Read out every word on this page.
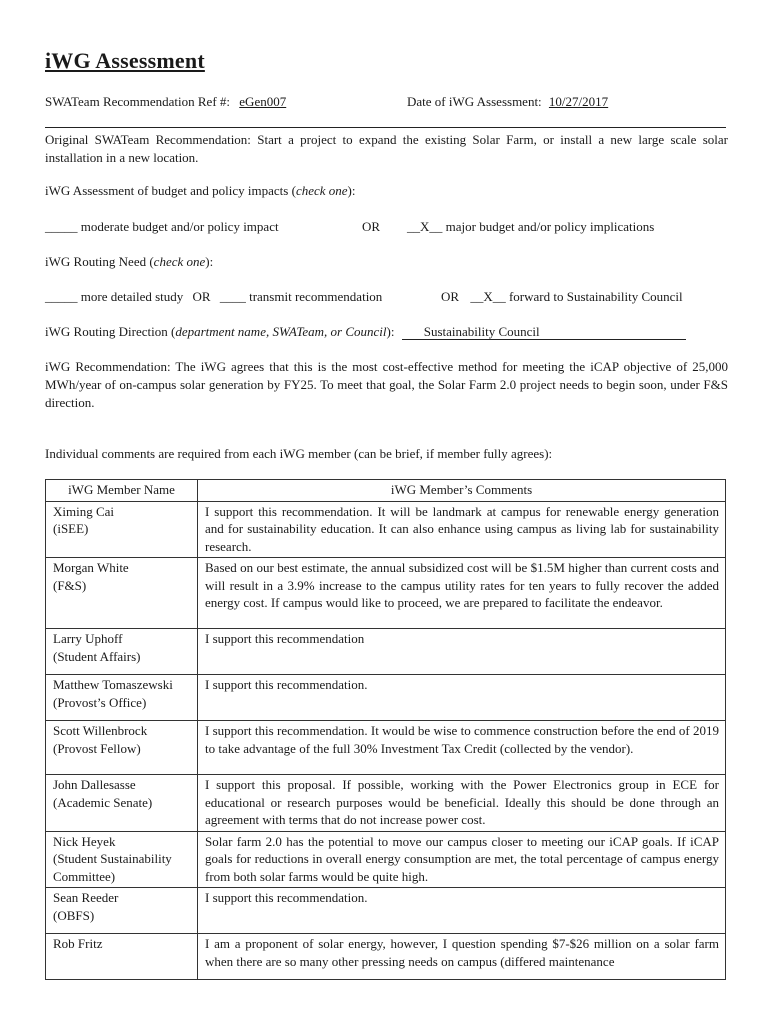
iWG Assessment
SWATeam Recommendation Ref #: eGen007	Date of iWG Assessment: 10/27/2017
Original SWATeam Recommendation: Start a project to expand the existing Solar Farm, or install a new large scale solar installation in a new location.
iWG Assessment of budget and policy impacts (check one):
_____ moderate budget and/or policy impact	OR __X__ major budget and/or policy implications
iWG Routing Need (check one):
_____ more detailed study OR ____ transmit recommendation	OR __X__ forward to Sustainability Council
iWG Routing Direction (department name, SWATeam, or Council): Sustainability Council
iWG Recommendation: The iWG agrees that this is the most cost-effective method for meeting the iCAP objective of 25,000 MWh/year of on-campus solar generation by FY25. To meet that goal, the Solar Farm 2.0 project needs to begin soon, under F&S direction.
Individual comments are required from each iWG member (can be brief, if member fully agrees):
iWG Member Name	iWG Member’s Comments

Ximing Cai
(iSEE)	I support this recommendation. It will be landmark at campus for renewable energy generation and for sustainability education. It can also enhance using campus as living lab for sustainability research.

Morgan White
(F&S)	Based on our best estimate, the annual subsidized cost will be $1.5M higher than current costs and will result in a 3.9% increase to the campus utility rates for ten years to fully recover the added energy cost. If campus would like to proceed, we are prepared to facilitate the endeavor.

Larry Uphoff
(Student Affairs)	I support this recommendation

Matthew Tomaszewski
(Provost’s Office)	I support this recommendation.

Scott Willenbrock
(Provost Fellow)	I support this recommendation. It would be wise to commence construction before the end of 2019 to take advantage of the full 30% Investment Tax Credit (collected by the vendor).

John Dallesasse
(Academic Senate)	I support this proposal. If possible, working with the Power Electronics group in ECE for educational or research purposes would be beneficial. Ideally this should be done through an agreement with terms that do not increase power cost.

Nick Heyek
(Student Sustainability Committee)	Solar farm 2.0 has the potential to move our campus closer to meeting our iCAP goals. If iCAP goals for reductions in overall energy consumption are met, the total percentage of campus energy from both solar farms would be quite high.

Sean Reeder
(OBFS)	I support this recommendation.

Rob Fritz	I am a proponent of solar energy, however, I question spending $7-$26 million on a solar farm when there are so many other pressing needs on campus (differed maintenance
